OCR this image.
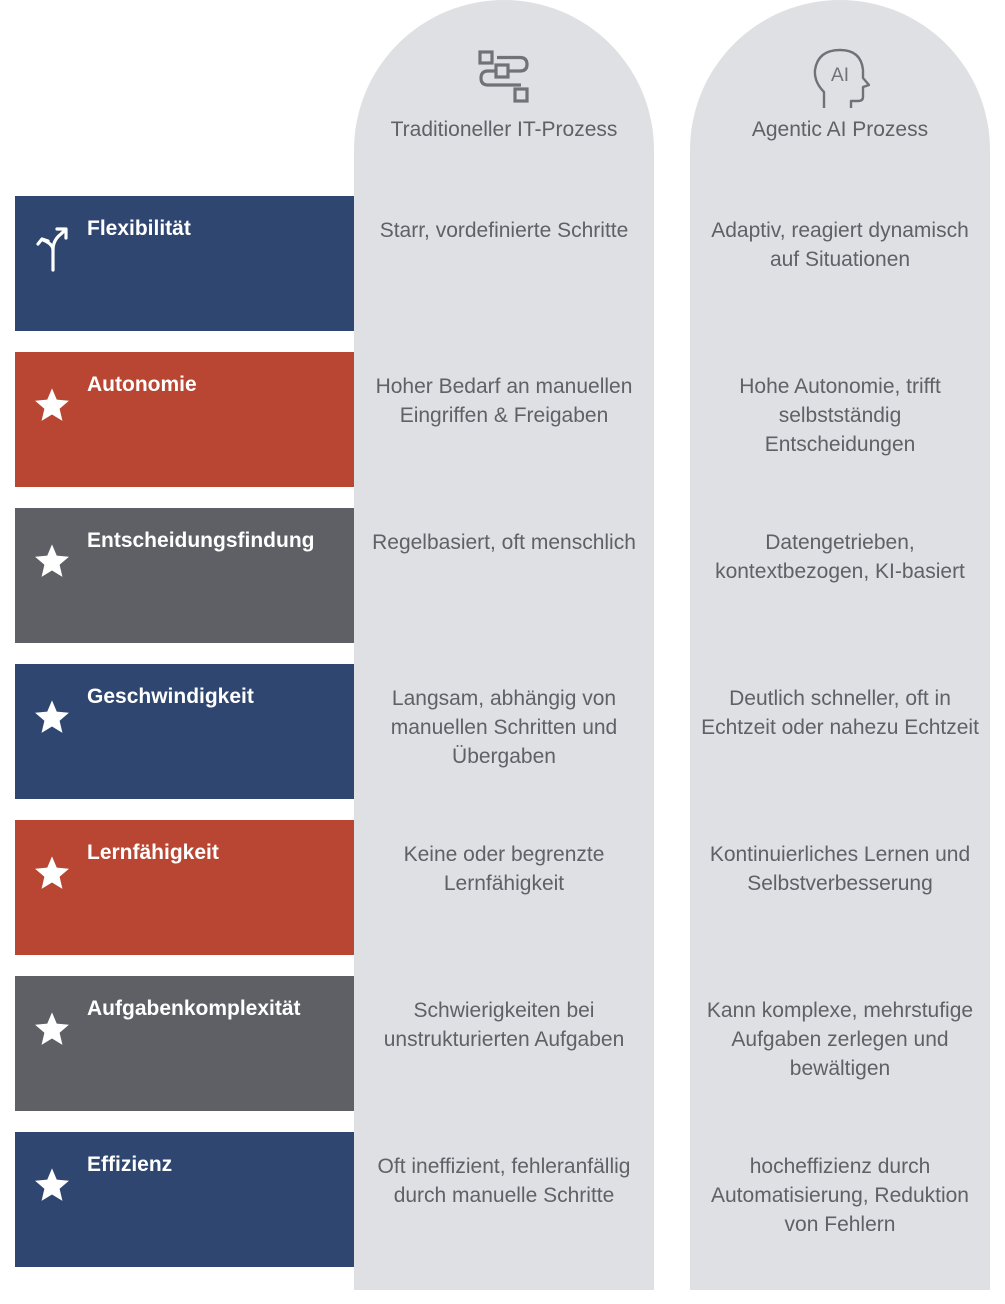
Traditioneller IT-Prozess
AI
Agentic AI Prozess
Flexibilität
Autonomie
Entscheidungsfindung
Geschwindigkeit
Lernfähigkeit
Aufgabenkomplexität
Effizienz
Starr, vordefinierte Schritte
Hoher Bedarf an manuellen Eingriffen & Freigaben
Regelbasiert, oft menschlich
Langsam, abhängig von manuellen Schritten und Übergaben
Keine oder begrenzte Lernfähigkeit
Schwierigkeiten bei unstrukturierten Aufgaben
Oft ineffizient, fehleranfällig durch manuelle Schritte
Adaptiv, reagiert dynamisch auf Situationen
Hohe Autonomie, trifft selbstständig Entscheidungen
Datengetrieben, kontextbezogen, KI-basiert
Deutlich schneller, oft in Echtzeit oder nahezu Echtzeit
Kontinuierliches Lernen und Selbstverbesserung
Kann komplexe, mehrstufige Aufgaben zerlegen und bewältigen
hocheffizienz durch Automatisierung, Reduktion von Fehlern
